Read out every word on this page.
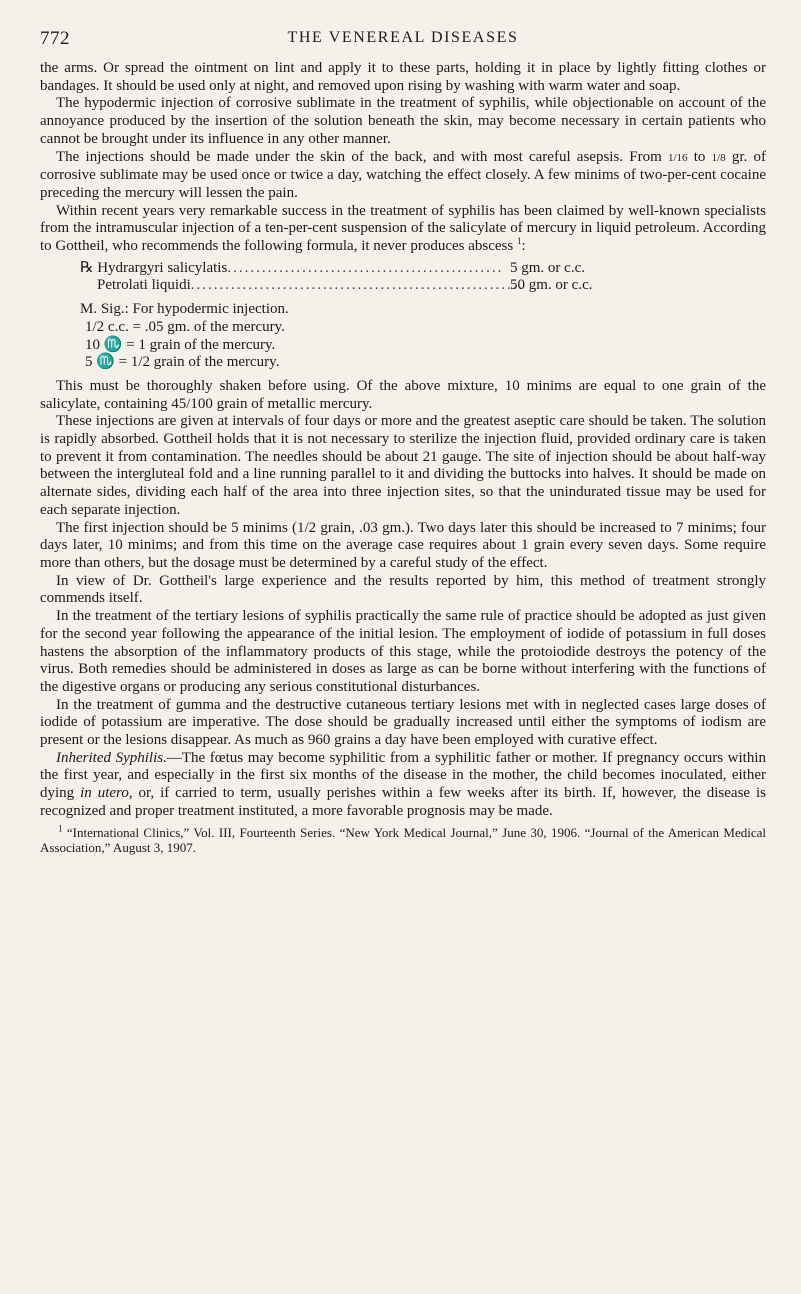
772	THE VENEREAL DISEASES

the arms. Or spread the ointment on lint and apply it to these parts, holding it in place by lightly fitting clothes or bandages. It should be used only at night, and removed upon rising by washing with warm water and soap.

The hypodermic injection of corrosive sublimate in the treatment of syphilis, while objectionable on account of the annoyance produced by the insertion of the solution beneath the skin, may become necessary in certain patients who cannot be brought under its influence in any other manner.

The injections should be made under the skin of the back, and with most careful asepsis. From 1/16 to 1/8 gr. of corrosive sublimate may be used once or twice a day, watching the effect closely. A few minims of two-per-cent cocaine preceding the mercury will lessen the pain.

Within recent years very remarkable success in the treatment of syphilis has been claimed by well-known specialists from the intramuscular injection of a ten-per-cent suspension of the salicylate of mercury in liquid petroleum. According to Gottheil, who recommends the following formula, it never produces abscess $^1$:

℞ Hydrargyri salicylatis .....	5 gm. or c.c.
Petrolati liquidi .....	50 gm. or c.c.
M. Sig.: For hypodermic injection.
1/2 c.c. = .05 gm. of the mercury.
10 ♏ = 1 grain of the mercury.
5 ♏ = 1/2 grain of the mercury.

This must be thoroughly shaken before using. Of the above mixture, 10 minims are equal to one grain of the salicylate, containing 45/100 grain of metallic mercury.

These injections are given at intervals of four days or more and the greatest aseptic care should be taken. The solution is rapidly absorbed. Gottheil holds that it is not necessary to sterilize the injection fluid, provided ordinary care is taken to prevent it from contamination. The needles should be about 21 gauge. The site of injection should be about half-way between the intergluteal fold and a line running parallel to it and dividing the buttocks into halves. It should be made on alternate sides, dividing each half of the area into three injection sites, so that the unindurated tissue may be used for each separate injection.

The first injection should be 5 minims (1/2 grain, .03 gm.). Two days later this should be increased to 7 minims; four days later, 10 minims; and from this time on the average case requires about 1 grain every seven days. Some require more than others, but the dosage must be determined by a careful study of the effect.

In view of Dr. Gottheil's large experience and the results reported by him, this method of treatment strongly commends itself.

In the treatment of the tertiary lesions of syphilis practically the same rule of practice should be adopted as just given for the second year following the appearance of the initial lesion. The employment of iodide of potassium in full doses hastens the absorption of the inflammatory products of this stage, while the protoiodide destroys the potency of the virus. Both remedies should be administered in doses as large as can be borne without interfering with the functions of the digestive organs or producing any serious constitutional disturbances.

In the treatment of gumma and the destructive cutaneous tertiary lesions met with in neglected cases large doses of iodide of potassium are imperative. The dose should be gradually increased until either the symptoms of iodism are present or the lesions disappear. As much as 960 grains a day have been employed with curative effect.

Inherited Syphilis.—The fœtus may become syphilitic from a syphilitic father or mother. If pregnancy occurs within the first year, and especially in the first six months of the disease in the mother, the child becomes inoculated, either dying in utero, or, if carried to term, usually perishes within a few weeks after its birth. If, however, the disease is recognized and proper treatment instituted, a more favorable prognosis may be made.

$^1$ “International Clinics,” Vol. III, Fourteenth Series. “New York Medical Journal,” June 30, 1906. “Journal of the American Medical Association,” August 3, 1907.
